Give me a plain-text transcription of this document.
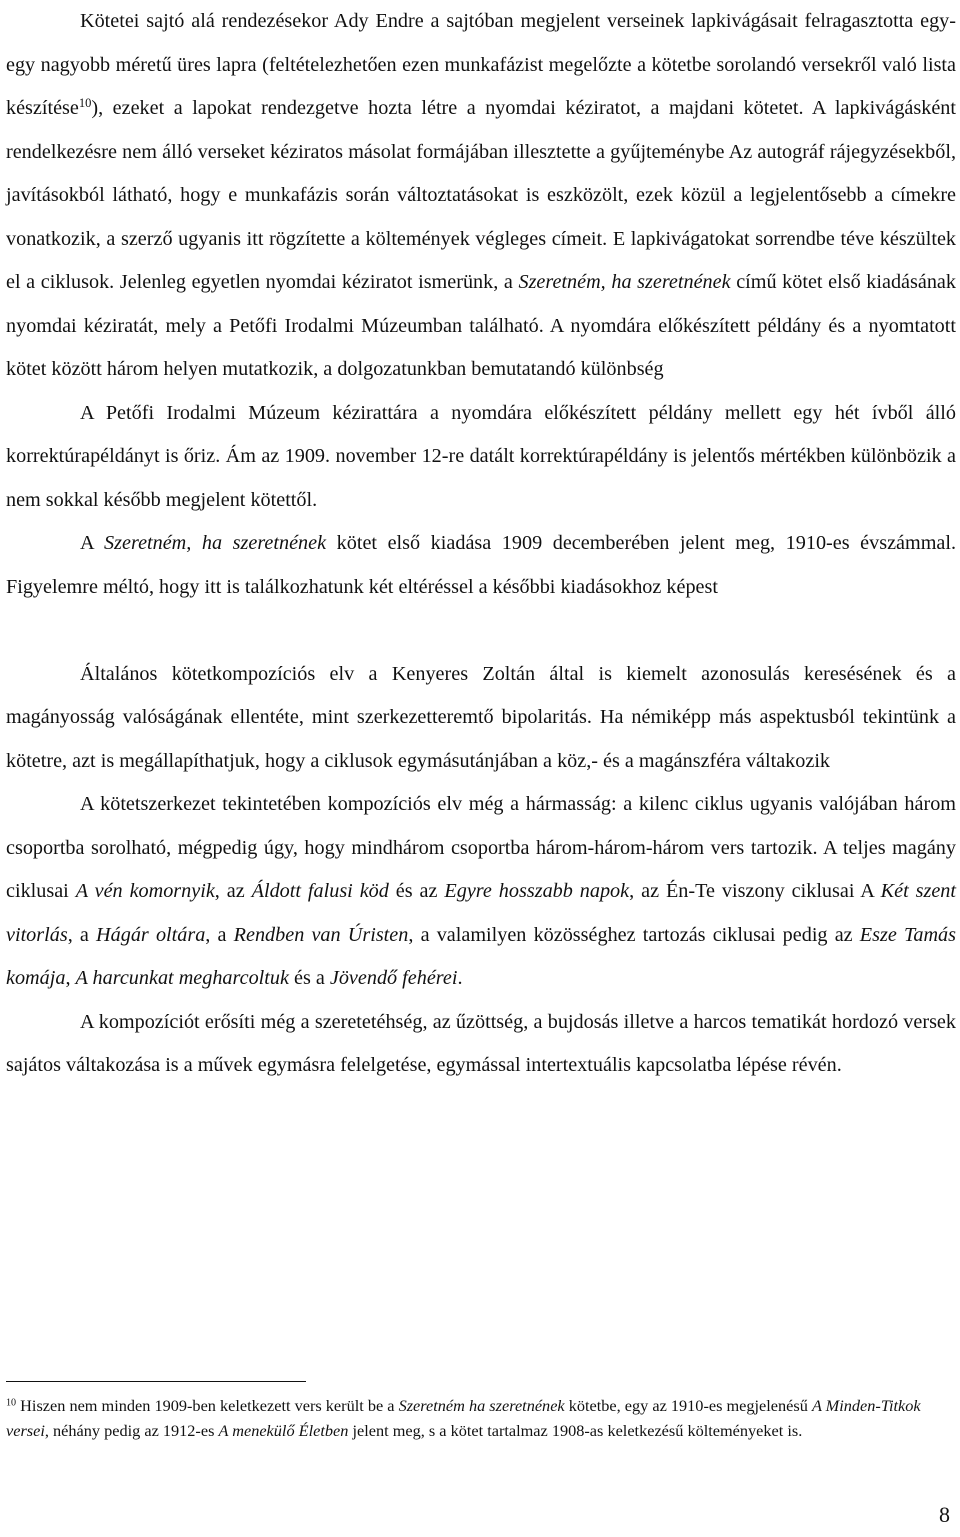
Kötetei sajtó alá rendezésekor Ady Endre a sajtóban megjelent verseinek lapkivágásait felragasztotta egy-egy nagyobb méretű üres lapra (feltételezhetően ezen munkafázist megelőzte a kötetbe sorolandó versekről való lista készítése$^{10}$), ezeket a lapokat rendezgetve hozta létre a nyomdai kéziratot, a majdani kötetet. A lapkivágásként rendelkezésre nem álló verseket kéziratos másolat formájában illesztette a gyűjteménybe Az autográf rájegyzésekből, javításokból látható, hogy e munkafázis során változtatásokat is eszközölt, ezek közül a legjelentősebb a címekre vonatkozik, a szerző ugyanis itt rögzítette a költemények végleges címeit. E lapkivágatokat sorrendbe téve készültek el a ciklusok. Jelenleg egyetlen nyomdai kéziratot ismerünk, a Szeretném, ha szeretnének című kötet első kiadásának nyomdai kéziratát, mely a Petőfi Irodalmi Múzeumban található. A nyomdára előkészített példány és a nyomtatott kötet között három helyen mutatkozik, a dolgozatunkban bemutatandó különbség

A Petőfi Irodalmi Múzeum kézirattára a nyomdára előkészített példány mellett egy hét ívből álló korrektúrapéldányt is őriz. Ám az 1909. november 12-re datált korrektúrapéldány is jelentős mértékben különbözik a nem sokkal később megjelent kötettől.

A Szeretném, ha szeretnének kötet első kiadása 1909 decemberében jelent meg, 1910-es évszámmal. Figyelemre méltó, hogy itt is találkozhatunk két eltéréssel a későbbi kiadásokhoz képest

Általános kötetkompozíciós elv a Kenyeres Zoltán által is kiemelt azonosulás keresésének és a magányosság valóságának ellentéte, mint szerkezetteremtő bipolaritás. Ha némiképp más aspektusból tekintünk a kötetre, azt is megállapíthatjuk, hogy a ciklusok egymásutánjában a köz,- és a magánszféra váltakozik

A kötetszerkezet tekintetében kompozíciós elv még a hármasság: a kilenc ciklus ugyanis valójában három csoportba sorolható, mégpedig úgy, hogy mindhárom csoportba három-három-három vers tartozik. A teljes magány ciklusai A vén komornyik, az Áldott falusi köd és az Egyre hosszabb napok, az Én-Te viszony ciklusai A Két szent vitorlás, a Hágár oltára, a Rendben van Úristen, a valamilyen közösséghez tartozás ciklusai pedig az Esze Tamás komája, A harcunkat megharcoltuk és a Jövendő fehérei.

A kompozíciót erősíti még a szeretetéhség, az űzöttség, a bujdosás illetve a harcos tematikát hordozó versek sajátos váltakozása is a művek egymásra felelgetése, egymással intertextuális kapcsolatba lépése révén.

$^{10}$ Hiszen nem minden 1909-ben keletkezett vers került be a Szeretném ha szeretnének kötetbe, egy az 1910-es megjelenésű A Minden-Titkok versei, néhány pedig az 1912-es A menekülő Életben jelent meg, s a kötet tartalmaz 1908-as keletkezésű költeményeket is.

8
